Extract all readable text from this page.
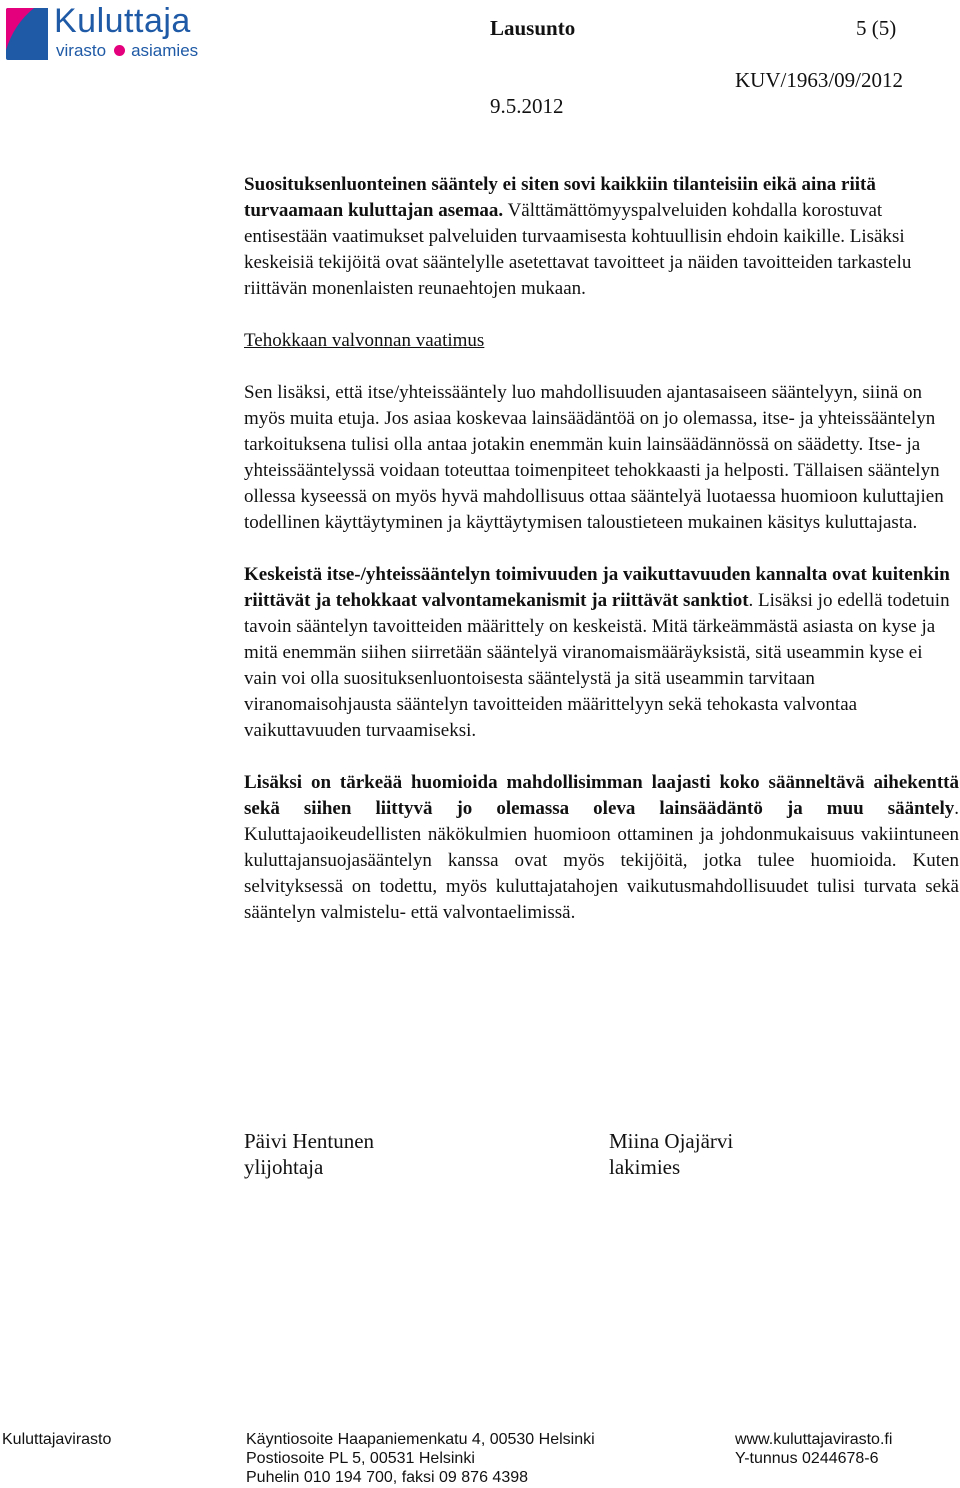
Kuluttaja
virasto asiamies
Lausunto	5 (5)
KUV/1963/09/2012
9.5.2012

Suosituksenluonteinen sääntely ei siten sovi kaikkiin tilanteisiin eikä aina riitä turvaamaan kuluttajan asemaa. Välttämättömyyspalveluiden kohdalla korostuvat entisestään vaatimukset palveluiden turvaamisesta kohtuullisin ehdoin kaikille. Lisäksi keskeisiä tekijöitä ovat sääntelylle asetettavat tavoitteet ja näiden tavoitteiden tarkastelu riittävän monenlaisten reunaehtojen mukaan.

Tehokkaan valvonnan vaatimus

Sen lisäksi, että itse/yhteissääntely luo mahdollisuuden ajantasaiseen sääntelyyn, siinä on myös muita etuja. Jos asiaa koskevaa lainsäädäntöä on jo olemassa, itse- ja yhteissääntelyn tarkoituksena tulisi olla antaa jotakin enemmän kuin lainsäädännössä on säädetty. Itse- ja yhteissääntelyssä voidaan toteuttaa toimenpiteet tehokkaasti ja helposti. Tällaisen sääntelyn ollessa kyseessä on myös hyvä mahdollisuus ottaa sääntelyä luotaessa huomioon kuluttajien todellinen käyttäytyminen ja käyttäytymisen taloustieteen mukainen käsitys kuluttajasta.

Keskeistä itse-/yhteissääntelyn toimivuuden ja vaikuttavuuden kannalta ovat kuitenkin riittävät ja tehokkaat valvontamekanismit ja riittävät sanktiot. Lisäksi jo edellä todetuin tavoin sääntelyn tavoitteiden määrittely on keskeistä. Mitä tärkeämmästä asiasta on kyse ja mitä enemmän siihen siirretään sääntelyä viranomaismääräyksistä, sitä useammin kyse ei vain voi olla suosituksenluontoisesta sääntelystä ja sitä useammin tarvitaan viranomaisohjausta sääntelyn tavoitteiden määrittelyyn sekä tehokasta valvontaa vaikuttavuuden turvaamiseksi.

Lisäksi on tärkeää huomioida mahdollisimman laajasti koko säänneltävä aihekenttä sekä siihen liittyvä jo olemassa oleva lainsäädäntö ja muu sääntely. Kuluttajaoikeudellisten näkökulmien huomioon ottaminen ja johdonmukaisuus vakiintuneen kuluttajansuojasääntelyn kanssa ovat myös tekijöitä, jotka tulee huomioida. Kuten selvityksessä on todettu, myös kuluttajatahojen vaikutusmahdollisuudet tulisi turvata sekä sääntelyn valmistelu- että valvontaelimissä.

Päivi Hentunen
ylijohtaja
Miina Ojajärvi
lakimies
Kuluttajavirasto	Käyntiosoite Haapaniemenkatu 4, 00530 Helsinki
Postiosoite PL 5, 00531 Helsinki
Puhelin 010 194 700, faksi 09 876 4398
www.kuluttajavirasto.fi
Y-tunnus 0244678-6
